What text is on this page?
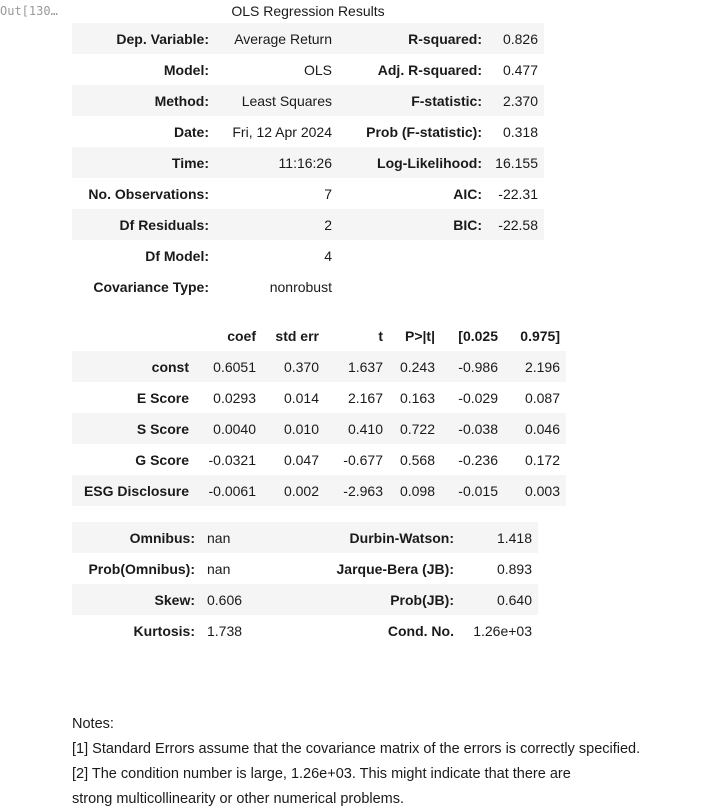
Out[130…	OLS Regression Results
Dep. Variable:	Average Return	R-squared:	0.826
Model:	OLS	Adj. R-squared:	0.477
Method:	Least Squares	F-statistic:	2.370
Date:	Fri, 12 Apr 2024	Prob (F-statistic):	0.318
Time:	11:16:26	Log-Likelihood:	16.155
No. Observations:	7	AIC:	-22.31
Df Residuals:	2	BIC:	-22.58
Df Model:	4		
Covariance Type:	nonrobust		
	coef	std err	t	P>|t|	[0.025	0.975]
const	0.6051	0.370	1.637	0.243	-0.986	2.196
E Score	0.0293	0.014	2.167	0.163	-0.029	0.087
S Score	0.0040	0.010	0.410	0.722	-0.038	0.046
G Score	-0.0321	0.047	-0.677	0.568	-0.236	0.172
ESG Disclosure	-0.0061	0.002	-2.963	0.098	-0.015	0.003
Omnibus:	nan	Durbin-Watson:	1.418
Prob(Omnibus):	nan	Jarque-Bera (JB):	0.893
Skew:	0.606	Prob(JB):	0.640
Kurtosis:	1.738	Cond. No.	1.26e+03
Notes:
[1] Standard Errors assume that the covariance matrix of the errors is correctly specified.
[2] The condition number is large, 1.26e+03. This might indicate that there are
strong multicollinearity or other numerical problems.
